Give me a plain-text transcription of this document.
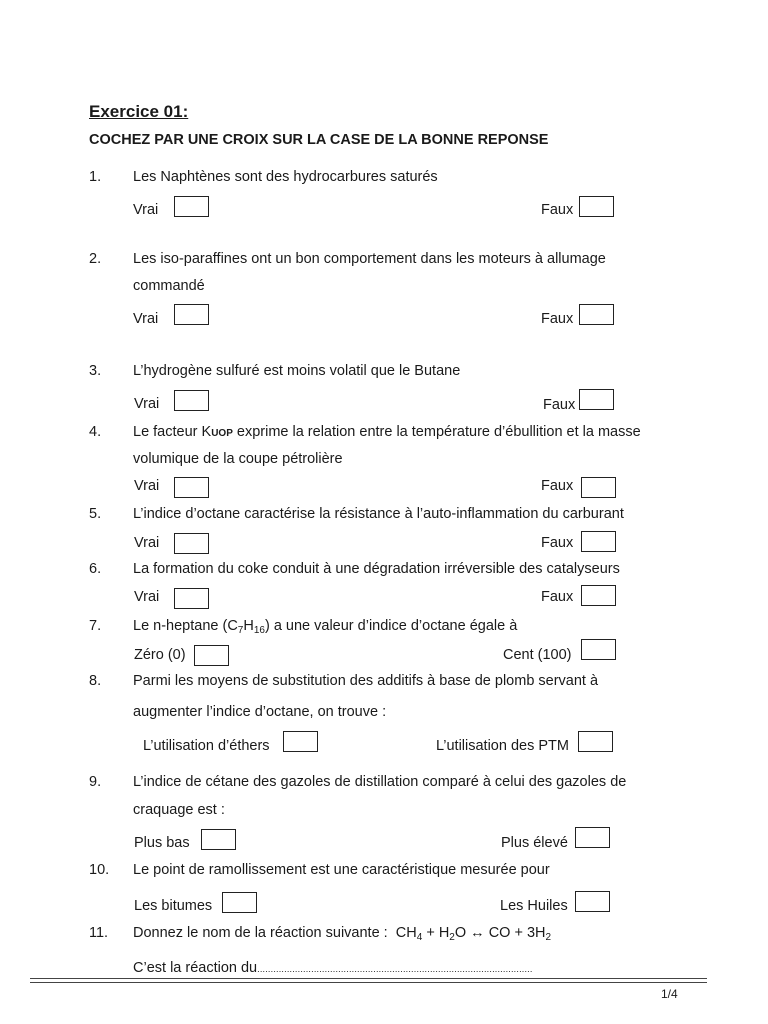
Exercice 01:
COCHEZ PAR UNE CROIX SUR LA CASE DE LA BONNE REPONSE
1. Les Naphtènes sont des hydrocarbures saturés
Vrai	Faux
2. Les iso-paraffines ont un bon comportement dans les moteurs à allumage
commandé
Vrai	Faux
3. L’hydrogène sulfuré est moins volatil que le Butane
Vrai	Faux
4. Le facteur KUOP exprime la relation entre la température d’ébullition et la masse
volumique de la coupe pétrolière
Vrai	Faux
5. L’indice d’octane caractérise la résistance à l’auto-inflammation du carburant
Vrai	Faux
6. La formation du coke conduit à une dégradation irréversible des catalyseurs
Vrai	Faux
7. Le n-heptane $(C_7H_{16})$ a une valeur d’indice d’octane égale à
Zéro (0)	Cent (100)
8. Parmi les moyens de substitution des additifs à base de plomb servant à
augmenter l’indice d’octane, on trouve :
L’utilisation d’éthers	L’utilisation des PTM
9. L’indice de cétane des gazoles de distillation comparé à celui des gazoles de
craquage est :
Plus bas	Plus élevé
10. Le point de ramollissement est une caractéristique mesurée pour
Les bitumes	Les Huiles
11. Donnez le nom de la réaction suivante : $CH_4 + H_2O$ ↔ CO + $3H_2$
C’est la réaction du......................................................................................................
1/4
